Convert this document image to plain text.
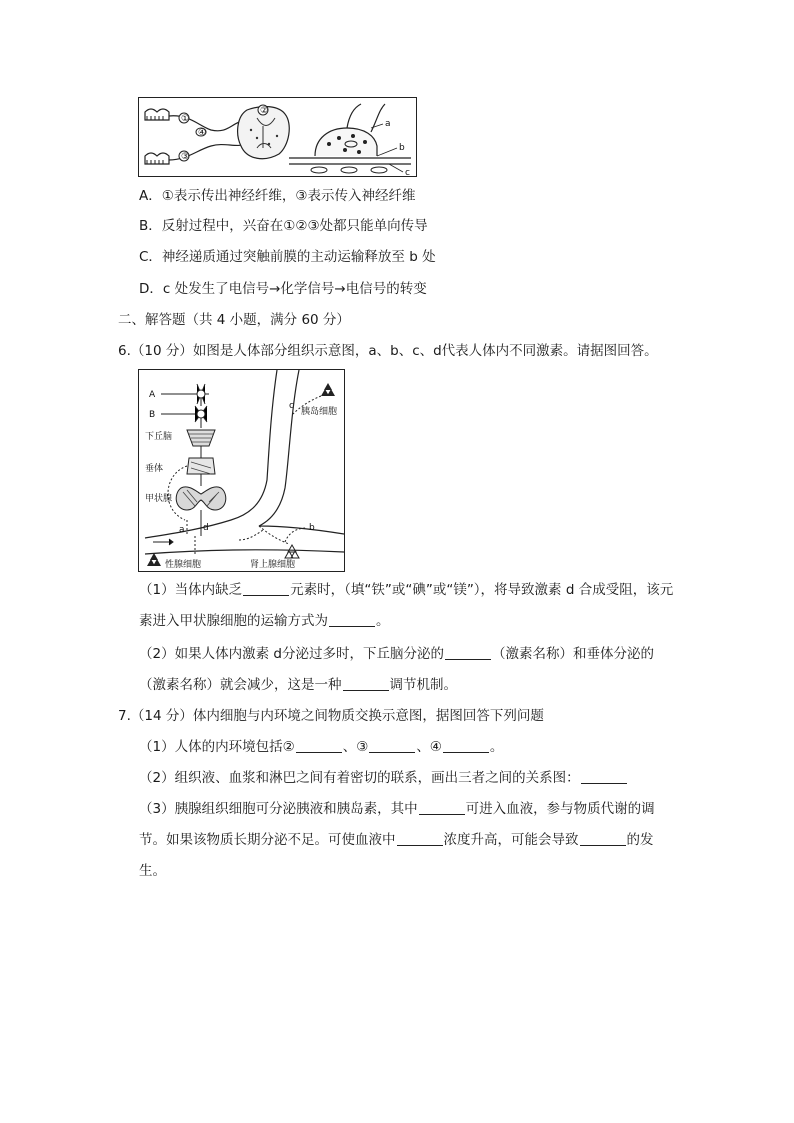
①
③
④
②
a
b
c
A．①表示传出神经纤维，③表示传入神经纤维
B．反射过程中，兴奋在①②③处都只能单向传导
C．神经递质通过突触前膜的主动运输释放至 b 处
D．c 处发生了电信号→化学信号→电信号的转变
二、解答题（共 4 小题，满分 60 分）
6.（10 分）如图是人体部分组织示意图，a、b、c、d代表人体内不同激素。请据图回答。
A
B
下丘脑
垂体
甲状腺
d
a
性腺细胞	肾上腺细胞
b
胰岛细胞
c
（1）当体内缺乏	元素时，（填“铁”或“碘”或“镁”），将导致激素 d 合成受阻，该元
素进入甲状腺细胞的运输方式为	。
（2）如果人体内激素 d分泌过多时，下丘脑分泌的	（激素名称）和垂体分泌的
（激素名称）就会减少，这是一种	调节机制。
7.（14 分）体内细胞与内环境之间物质交换示意图，据图回答下列问题
（1）人体的内环境包括②	、③	、④	。
（2）组织液、血浆和淋巴之间有着密切的联系，画出三者之间的关系图：
（3）胰腺组织细胞可分泌胰液和胰岛素，其中	可进入血液，参与物质代谢的调
节。如果该物质长期分泌不足。可使血液中	浓度升高，可能会导致	的发
生。
